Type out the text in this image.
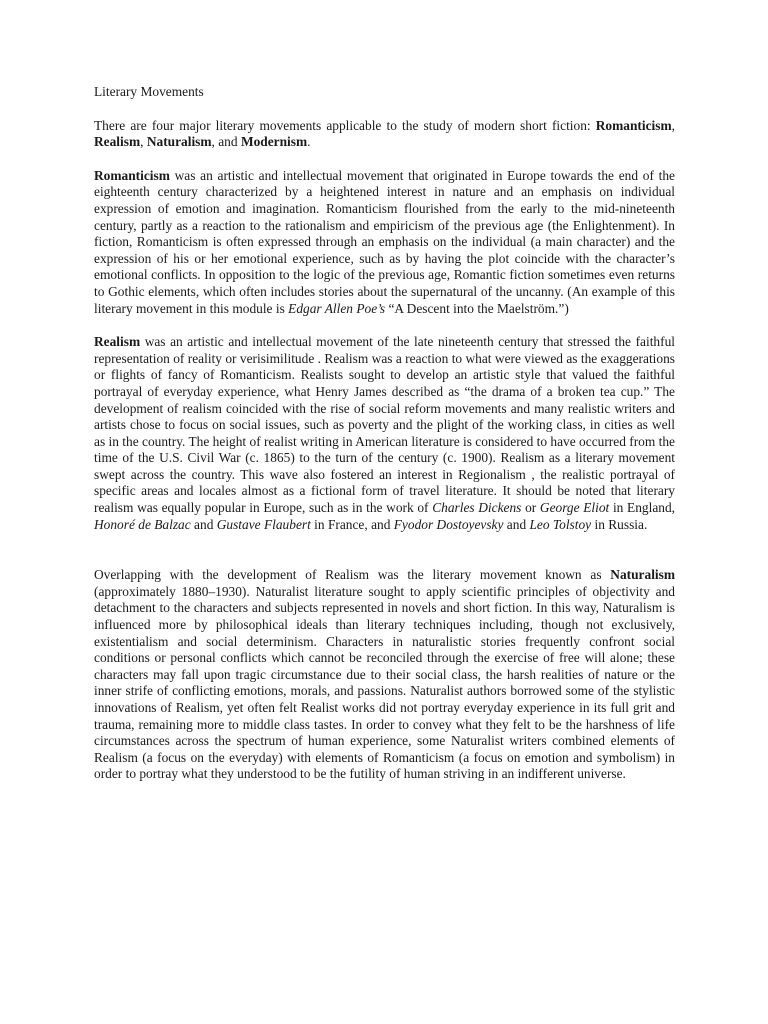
Literary Movements

There are four major literary movements applicable to the study of modern short fiction: Romanticism, Realism, Naturalism, and Modernism.

Romanticism was an artistic and intellectual movement that originated in Europe towards the end of the eighteenth century characterized by a heightened interest in nature and an emphasis on individual expression of emotion and imagination. Romanticism flourished from the early to the mid-nineteenth century, partly as a reaction to the rationalism and empiricism of the previous age (the Enlightenment). In fiction, Romanticism is often expressed through an emphasis on the individual (a main character) and the expression of his or her emotional experience, such as by having the plot coincide with the character’s emotional conflicts. In opposition to the logic of the previous age, Romantic fiction sometimes even returns to Gothic elements, which often includes stories about the supernatural of the uncanny. (An example of this literary movement in this module is Edgar Allen Poe’s “A Descent into the Maelström.”)

Realism was an artistic and intellectual movement of the late nineteenth century that stressed the faithful representation of reality or verisimilitude . Realism was a reaction to what were viewed as the exaggerations or flights of fancy of Romanticism. Realists sought to develop an artistic style that valued the faithful portrayal of everyday experience, what Henry James described as “the drama of a broken tea cup.” The development of realism coincided with the rise of social reform movements and many realistic writers and artists chose to focus on social issues, such as poverty and the plight of the working class, in cities as well as in the country. The height of realist writing in American literature is considered to have occurred from the time of the U.S. Civil War (c. 1865) to the turn of the century (c. 1900). Realism as a literary movement swept across the country. This wave also fostered an interest in Regionalism , the realistic portrayal of specific areas and locales almost as a fictional form of travel literature. It should be noted that literary realism was equally popular in Europe, such as in the work of Charles Dickens or George Eliot in England, Honoré de Balzac and Gustave Flaubert in France, and Fyodor Dostoyevsky and Leo Tolstoy in Russia.

Overlapping with the development of Realism was the literary movement known as Naturalism (approximately 1880–1930). Naturalist literature sought to apply scientific principles of objectivity and detachment to the characters and subjects represented in novels and short fiction. In this way, Naturalism is influenced more by philosophical ideals than literary techniques including, though not exclusively, existentialism and social determinism. Characters in naturalistic stories frequently confront social conditions or personal conflicts which cannot be reconciled through the exercise of free will alone; these characters may fall upon tragic circumstance due to their social class, the harsh realities of nature or the inner strife of conflicting emotions, morals, and passions. Naturalist authors borrowed some of the stylistic innovations of Realism, yet often felt Realist works did not portray everyday experience in its full grit and trauma, remaining more to middle class tastes. In order to convey what they felt to be the harshness of life circumstances across the spectrum of human experience, some Naturalist writers combined elements of Realism (a focus on the everyday) with elements of Romanticism (a focus on emotion and symbolism) in order to portray what they understood to be the futility of human striving in an indifferent universe.
